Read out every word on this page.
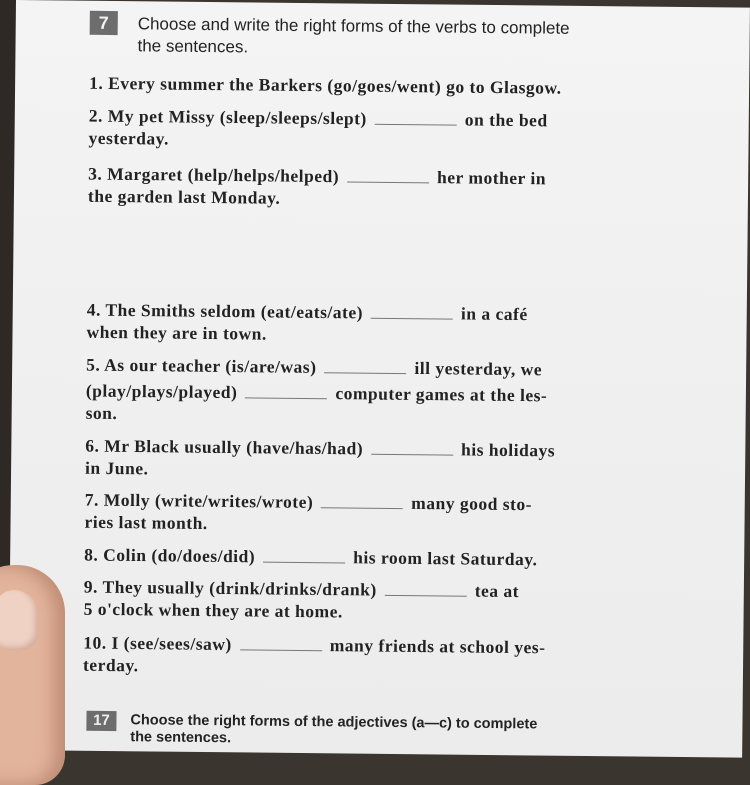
7	Choose and write the right forms of the verbs to complete
the sentences.
1. Every summer the Barkers (go/goes/went) go to Glasgow.
2. My pet Missy (sleep/sleeps/slept)	on the bed
yesterday.
3. Margaret (help/helps/helped)	her mother in
the garden last Monday.
4. The Smiths seldom (eat/eats/ate)	in a café
when they are in town.
5. As our teacher (is/are/was)	ill yesterday, we
(play/plays/played)	computer games at the les-
son.
6. Mr Black usually (have/has/had)	his holidays
in June.
7. Molly (write/writes/wrote)	many good sto-
ries last month.
8. Colin (do/does/did)	his room last Saturday.
9. They usually (drink/drinks/drank)	tea at
5 o'clock when they are at home.
10. I (see/sees/saw)	many friends at school yes-
terday.
17	Choose the right forms of the adjectives (a—c) to complete
the sentences.
